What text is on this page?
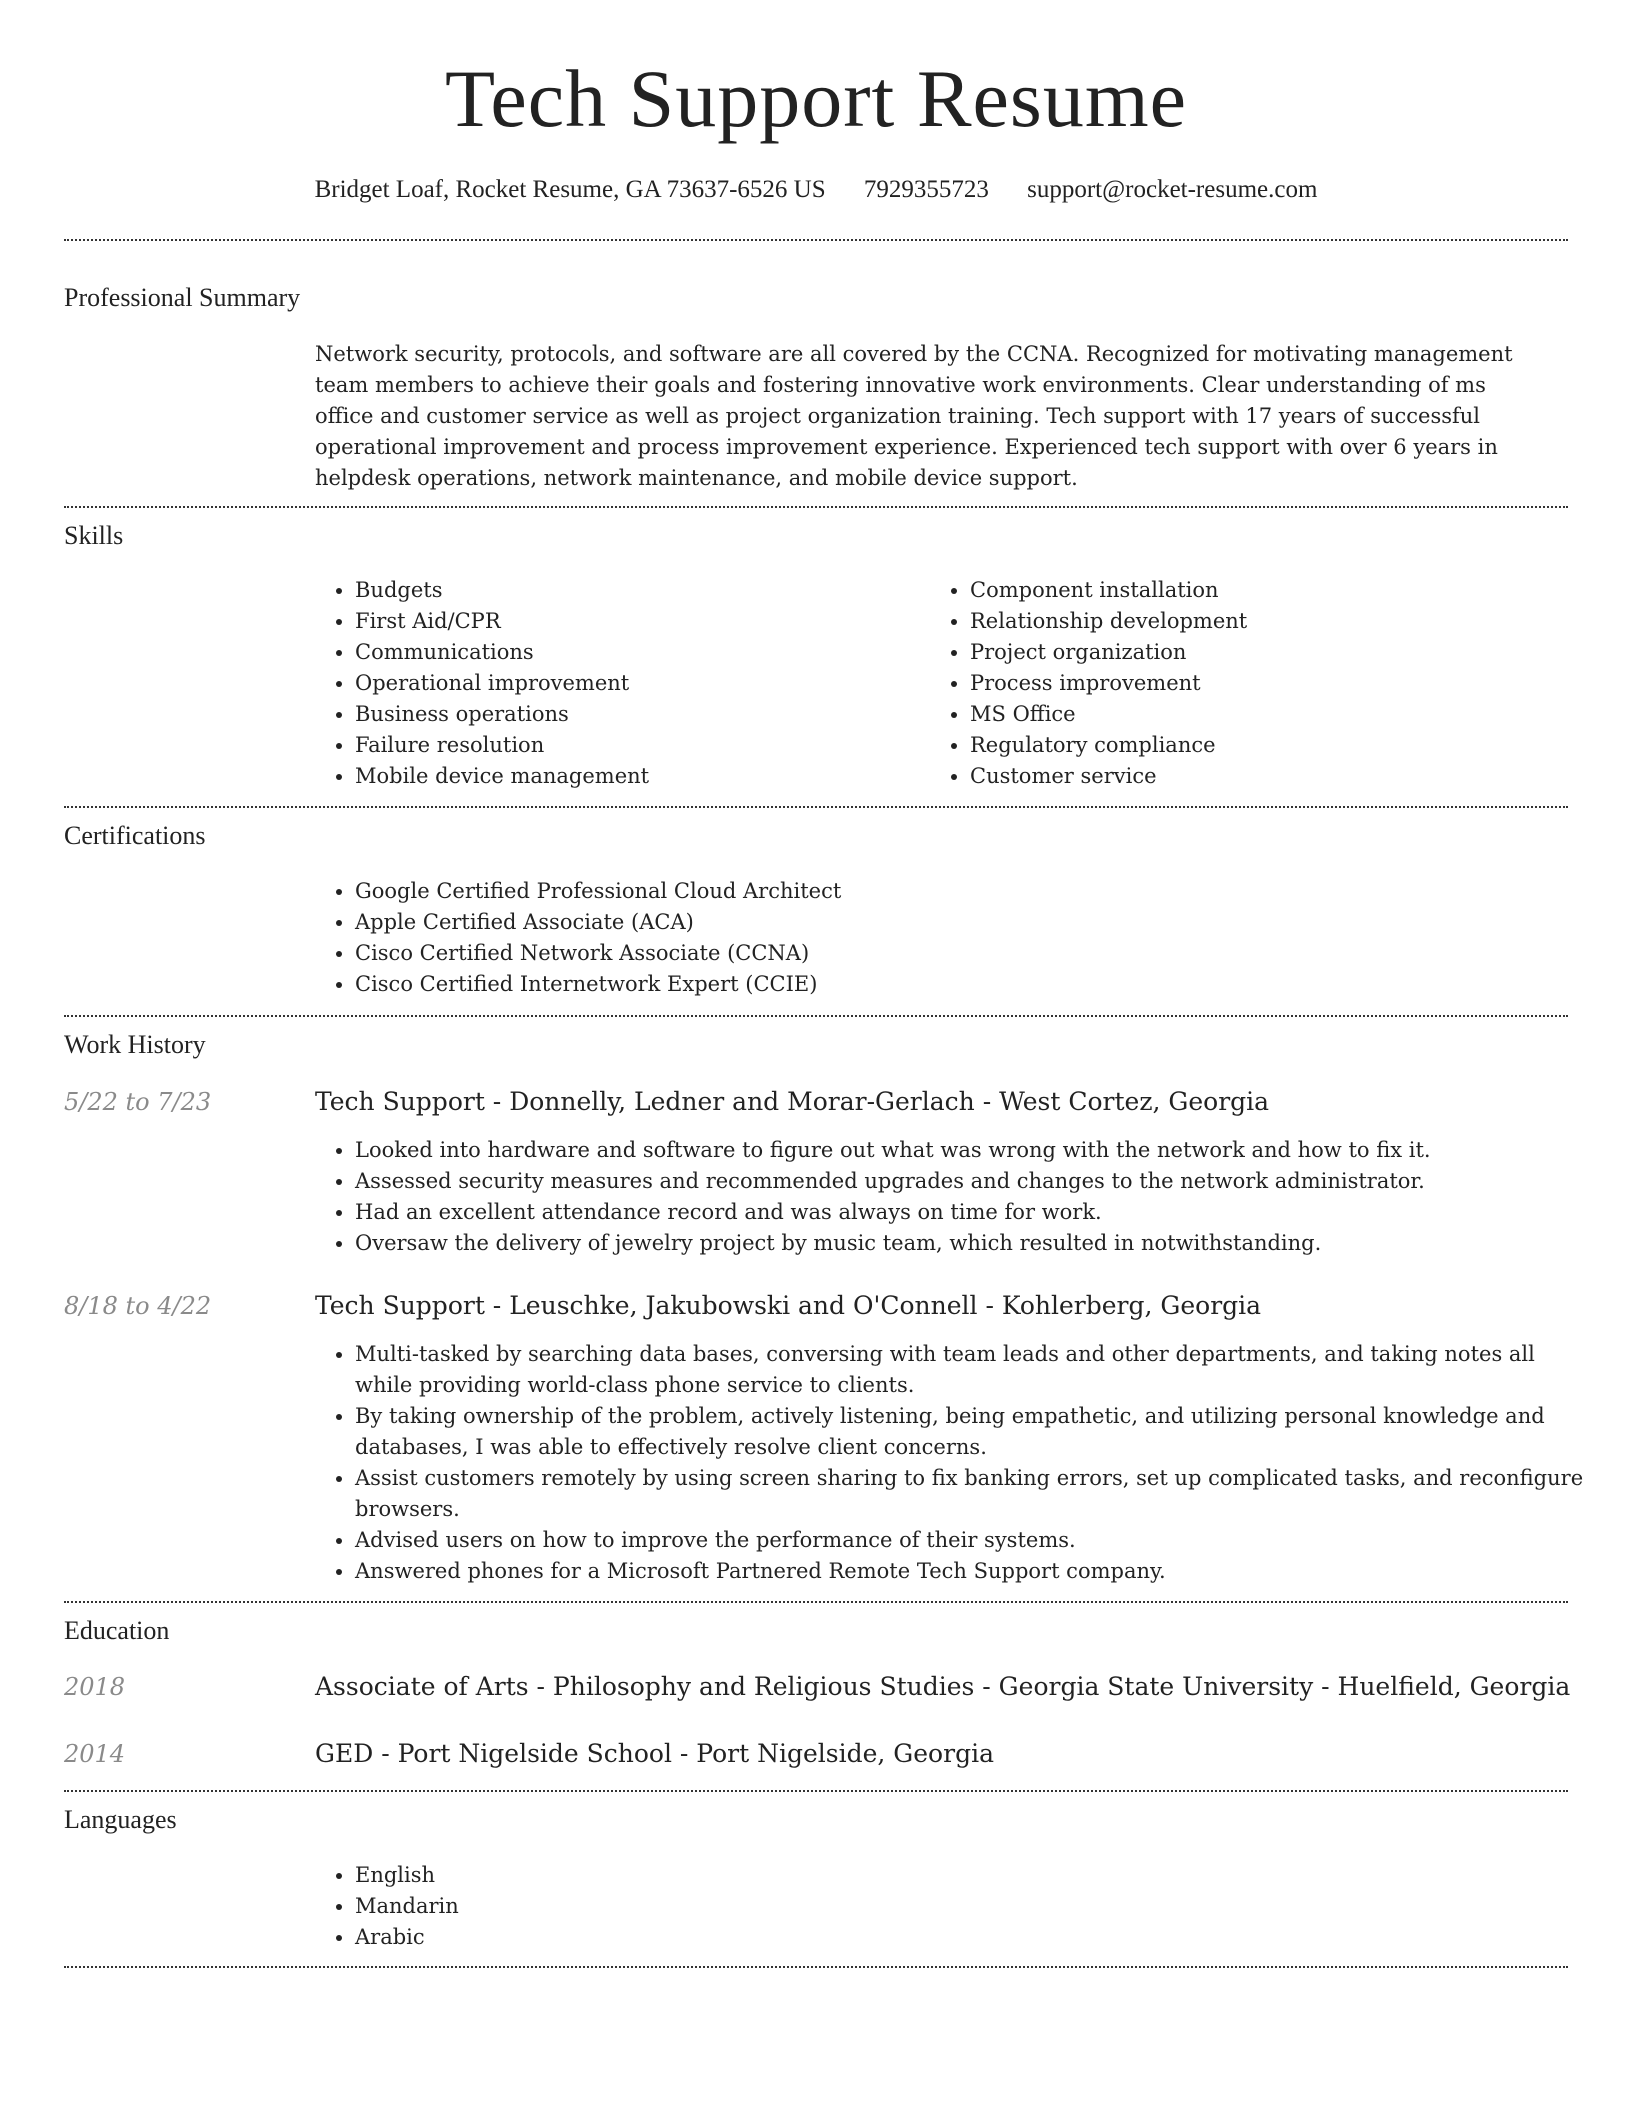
Tech Support Resume
Bridget Loaf, Rocket Resume, GA 73637-6526 US 7929355723 support@rocket-resume.com
Professional Summary
Network security, protocols, and software are all covered by the CCNA. Recognized for motivating management team members to achieve their goals and fostering innovative work environments. Clear understanding of ms office and customer service as well as project organization training. Tech support with 17 years of successful operational improvement and process improvement experience. Experienced tech support with over 6 years in helpdesk operations, network maintenance, and mobile device support.
Skills
• Budgets
• First Aid/CPR
• Communications
• Operational improvement
• Business operations
• Failure resolution
• Mobile device management
• Component installation
• Relationship development
• Project organization
• Process improvement
• MS Office
• Regulatory compliance
• Customer service
Certifications
• Google Certified Professional Cloud Architect
• Apple Certified Associate (ACA)
• Cisco Certified Network Associate (CCNA)
• Cisco Certified Internetwork Expert (CCIE)
Work History
5/22 to 7/23	Tech Support - Donnelly, Ledner and Morar-Gerlach - West Cortez, Georgia
• Looked into hardware and software to figure out what was wrong with the network and how to fix it.
• Assessed security measures and recommended upgrades and changes to the network administrator.
• Had an excellent attendance record and was always on time for work.
• Oversaw the delivery of jewelry project by music team, which resulted in notwithstanding.
8/18 to 4/22	Tech Support - Leuschke, Jakubowski and O'Connell - Kohlerberg, Georgia
• Multi-tasked by searching data bases, conversing with team leads and other departments, and taking notes all while providing world-class phone service to clients.
• By taking ownership of the problem, actively listening, being empathetic, and utilizing personal knowledge and databases, I was able to effectively resolve client concerns.
• Assist customers remotely by using screen sharing to fix banking errors, set up complicated tasks, and reconfigure browsers.
• Advised users on how to improve the performance of their systems.
• Answered phones for a Microsoft Partnered Remote Tech Support company.
Education
2018	Associate of Arts - Philosophy and Religious Studies - Georgia State University - Huelfield, Georgia
2014	GED - Port Nigelside School - Port Nigelside, Georgia
Languages
• English
• Mandarin
• Arabic
